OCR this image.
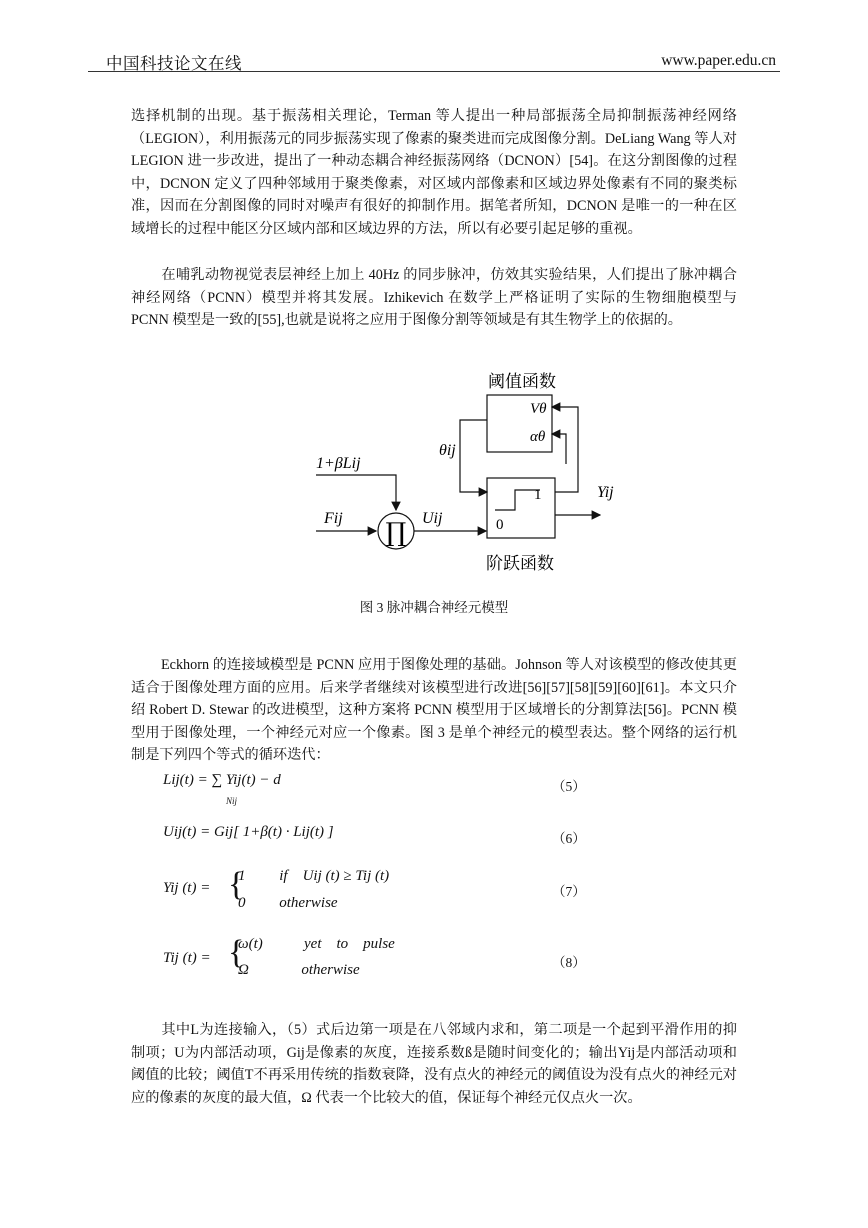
中国科技论文在线	www.paper.edu.cn
选择机制的出现。基于振荡相关理论，Terman 等人提出一种局部振荡全局抑制振荡神经网络（LEGION），利用振荡元的同步振荡实现了像素的聚类进而完成图像分割。DeLiang Wang 等人对 LEGION 进一步改进，提出了一种动态耦合神经振荡网络（DCNON）[54]。在这分割图像的过程中，DCNON 定义了四种邻域用于聚类像素，对区域内部像素和区域边界处像素有不同的聚类标准，因而在分割图像的同时对噪声有很好的抑制作用。据笔者所知，DCNON 是唯一的一种在区域增长的过程中能区分区域内部和区域边界的方法，所以有必要引起足够的重视。
在哺乳动物视觉表层神经上加上 40Hz 的同步脉冲，仿效其实验结果，人们提出了脉冲耦合神经网络（PCNN）模型并将其发展。Izhikevich 在数学上严格证明了实际的生物细胞模型与 PCNN 模型是一致的[55],也就是说将之应用于图像分割等领域是有其生物学上的依据的。
阈值函数
Vθ
αθ
θij
1
0
阶跃函数
Yij
1+βLij
∏
Fij	Uij
图 3 脉冲耦合神经元模型
Eckhorn 的连接域模型是 PCNN 应用于图像处理的基础。Johnson 等人对该模型的修改使其更适合于图像处理方面的应用。后来学者继续对该模型进行改进[56][57][58][59][60][61]。本文只介绍 Robert D. Stewar 的改进模型，这种方案将 PCNN 模型用于区域增长的分割算法[56]。PCNN 模型用于图像处理，一个神经元对应一个像素。图 3 是单个神经元的模型表达。整个网络的运行机制是下列四个等式的循环迭代：
Lij(t) = ∑ Yij(t) − d
Nij
（5）
Uij(t) = Gij[ 1+β(t) · Lij(t) ]	（6）
Yij (t) = {
1         if    Uij (t) ≥ Tij (t)
0         otherwise
（7）
Tij (t) = {
ω(t)           yet    to    pulse
Ω              otherwise	（8）
其中L为连接输入，（5）式后边第一项是在八邻域内求和，第二项是一个起到平滑作用的抑制项；U为内部活动项，Gij是像素的灰度，连接系数ß是随时间变化的；输出Yij是内部活动项和阈值的比较；阈值T不再采用传统的指数衰降，没有点火的神经元的阈值设为没有点火的神经元对应的像素的灰度的最大值，Ω 代表一个比较大的值，保证每个神经元仅点火一次。
